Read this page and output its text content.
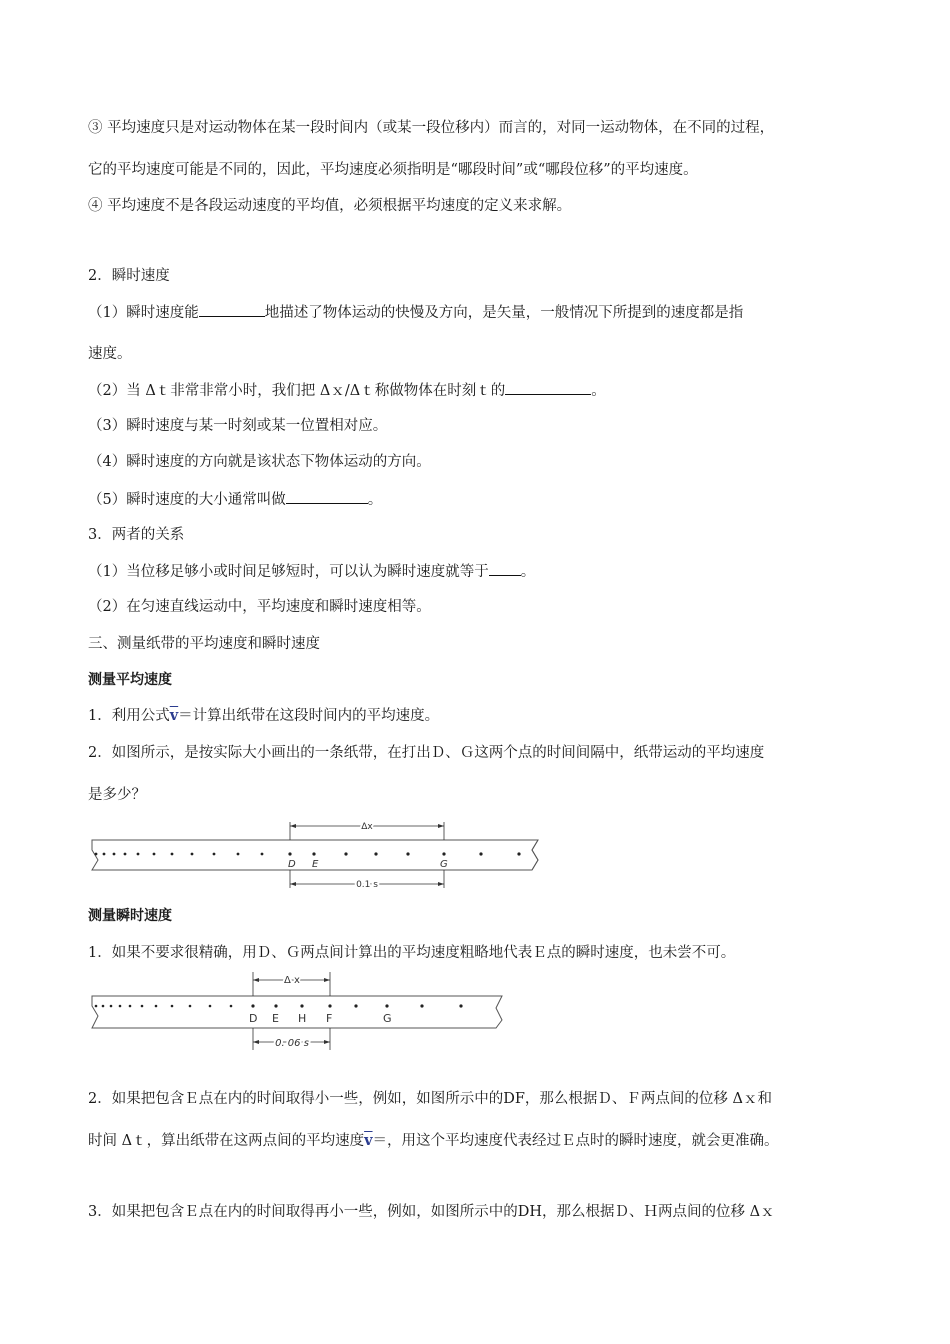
③ 平均速度只是对运动物体在某一段时间内（或某一段位移内）而言的，对同一运动物体，在不同的过程，
它的平均速度可能是不同的，因此，平均速度必须指明是“哪段时间”或“哪段位移”的平均速度。
④ 平均速度不是各段运动速度的平均值，必须根据平均速度的定义来求解。
2．瞬时速度
（1）瞬时速度能	地描述了物体运动的快慢及方向，是矢量，一般情况下所提到的速度都是指
速度。
（2）当 Δｔ非常非常小时，我们把 Δｘ/Δｔ称做物体在时刻ｔ的	。
（3）瞬时速度与某一时刻或某一位置相对应。
（4）瞬时速度的方向就是该状态下物体运动的方向。
（5）瞬时速度的大小通常叫做	。
3．两者的关系
（1）当位移足够小或时间足够短时，可以认为瞬时速度就等于 。
（2）在匀速直线运动中，平均速度和瞬时速度相等。
三、测量纸带的平均速度和瞬时速度
测量平均速度
1．利用公式$\overline{v}=$计算出纸带在这段时间内的平均速度。
2．如图所示，是按实际大小画出的一条纸带，在打出Ｄ、Ｇ这两个点的时间间隔中，纸带运动的平均速度
是多少？
Δx
D E	G
0.1 s
测量瞬时速度
1．如果不要求很精确，用Ｄ、Ｇ两点间计算出的平均速度粗略地代表Ｅ点的瞬时速度，也未尝不可。
Δ x
D E H F	G
0. 06 s
2．如果把包含Ｅ点在内的时间取得小一些，例如，如图所示中的DF，那么根据Ｄ、Ｆ两点间的位移 Δｘ和
时间 Δｔ，算出纸带在这两点间的平均速度$\overline{v}=$，用这个平均速度代表经过Ｅ点时的瞬时速度，就会更准确。
3．如果把包含Ｅ点在内的时间取得再小一些，例如，如图所示中的DH，那么根据Ｄ、Ｈ两点间的位移 Δｘ
